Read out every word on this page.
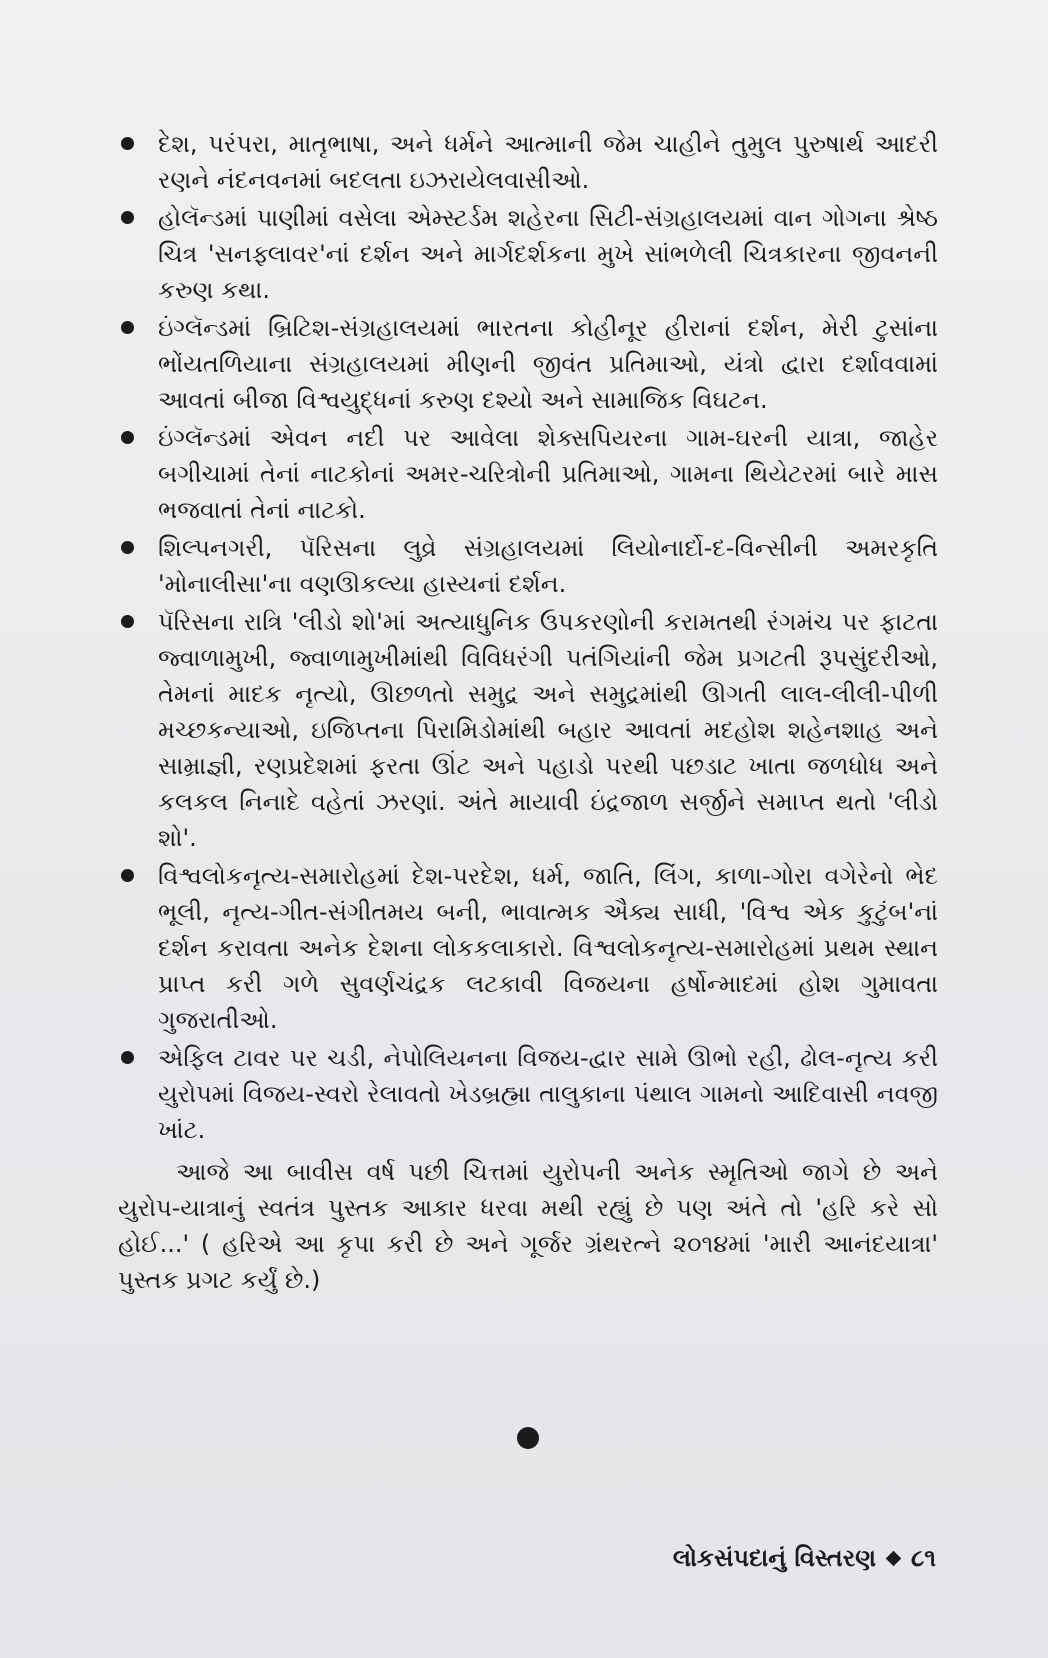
દેશ, પરંપરા, માતૃભાષા, અને ધર્મને આત્માની જેમ ચાહીને તુમુલ પુરુષાર્થ આદરી રણને નંદનવનમાં બદલતા ઇઝરાયેલવાસીઓ.
હોલૅન્ડમાં પાણીમાં વસેલા એમ્સ્ટર્ડમ શહેરના સિટી-સંગ્રહાલયમાં વાન ગોગના શ્રેષ્ઠ ચિત્ર 'સનફ્લાવર'નાં દર્શન અને માર્ગદર્શકના મુખે સાંભળેલી ચિત્રકારના જીવનની કરુણ કથા.
ઇંગ્લૅન્ડમાં બ્રિટિશ-સંગ્રહાલયમાં ભારતના કોહીનૂર હીરાનાં દર્શન, મેરી ટુસાંના ભોંયતળિયાના સંગ્રહાલયમાં મીણની જીવંત પ્રતિમાઓ, યંત્રો દ્વારા દર્શાવવામાં આવતાં બીજા વિશ્વયુદ્ધનાં કરુણ દશ્યો અને સામાજિક વિઘટન.
ઇંગ્લૅન્ડમાં એવન નદી પર આવેલા શેક્સપિયરના ગામ-ઘરની યાત્રા, જાહેર બગીચામાં તેનાં નાટકોનાં અમર-ચરિત્રોની પ્રતિમાઓ, ગામના થિયેટરમાં બારે માસ ભજવાતાં તેનાં નાટકો.
શિલ્પનગરી, પૅરિસના લુવ્રે સંગ્રહાલયમાં લિયોનાર્દો-દ-વિન્સીની અમરકૃતિ 'મોનાલીસા'ના વણઊકલ્યા હાસ્યનાં દર્શન.
પૅરિસના રાત્રિ 'લીડો શો'માં અત્યાધુનિક ઉપકરણોની કરામતથી રંગમંચ પર ફાટતા જ્વાળામુખી, જ્વાળામુખીમાંથી વિવિધરંગી પતંગિયાંની જેમ પ્રગટતી રૂપસુંદરીઓ, તેમનાં માદક નૃત્યો, ઊછળતો સમુદ્ર અને સમુદ્રમાંથી ઊગતી લાલ-લીલી-પીળી મચ્છકન્યાઓ, ઇજિપ્તના પિરામિડોમાંથી બહાર આવતાં મદહોશ શહેનશાહ અને સામ્રાજ્ઞી, રણપ્રદેશમાં ફરતા ઊંટ અને પહાડો પરથી પછડાટ ખાતા જળધોધ અને કલકલ નિનાદે વહેતાં ઝરણાં. અંતે માયાવી ઇંદ્રજાળ સર્જીને સમાપ્ત થતો 'લીડો શો'.
વિશ્વલોકનૃત્ય-સમારોહમાં દેશ-પરદેશ, ધર્મ, જાતિ, લિંગ, કાળા-ગોરા વગેરેનો ભેદ ભૂલી, નૃત્ય-ગીત-સંગીતમય બની, ભાવાત્મક ઐક્ય સાધી, 'વિશ્વ એક કુટુંબ'નાં દર્શન કરાવતા અનેક દેશના લોકકલાકારો. વિશ્વલોકનૃત્ય-સમારોહમાં પ્રથમ સ્થાન પ્રાપ્ત કરી ગળે સુવર્ણચંદ્રક લટકાવી વિજયના હર્ષોન્માદમાં હોશ ગુમાવતા ગુજરાતીઓ.
એફિલ ટાવર પર ચડી, નેપોલિયનના વિજય-દ્વાર સામે ઊભો રહી, ઢોલ-નૃત્ય કરી યુરોપમાં વિજય-સ્વરો રેલાવતો ખેડબ્રહ્મા તાલુકાના પંથાલ ગામનો આદિવાસી નવજી ખાંટ.

આજે આ બાવીસ વર્ષ પછી ચિત્તમાં યુરોપની અનેક સ્મૃતિઓ જાગે છે અને યુરોપ-યાત્રાનું સ્વતંત્ર પુસ્તક આકાર ધરવા મથી રહ્યું છે પણ અંતે તો 'હરિ કરે સો હોઈ...' ( હરિએ આ કૃપા કરી છે અને ગૂર્જર ગ્રંથરત્ને ૨૦૧૪માં 'મારી આનંદયાત્રા' પુસ્તક પ્રગટ કર્યું છે.)

લોકસંપદાનું વિસ્તરણ ૮૧
